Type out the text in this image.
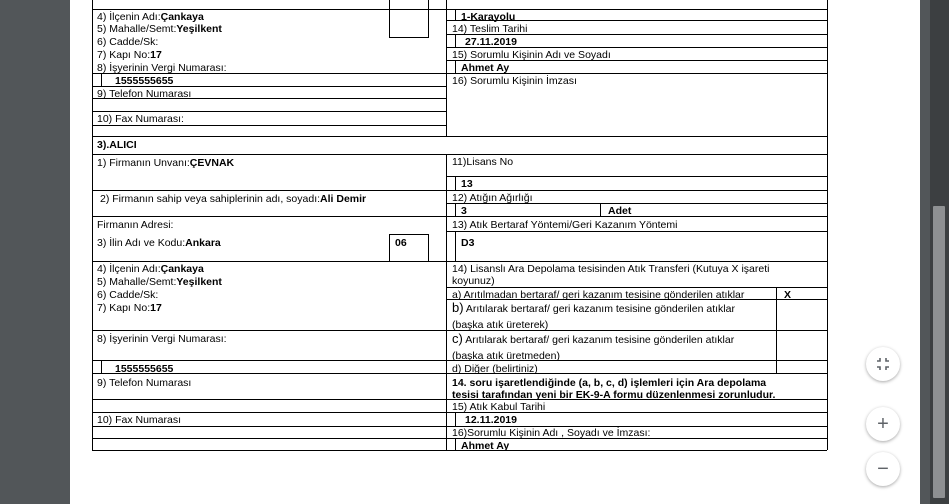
4) İlçenin Adı:Çankaya
5) Mahalle/Semt:Yeşilkent
6) Cadde/Sk:
7) Kapı No:17
8) İşyerinin Vergi Numarası:
1555555655
9) Telefon Numarası
10) Fax Numarası:
1-Karayolu
14) Teslim Tarihi
27.11.2019
15) Sorumlu Kişinin Adı ve Soyadı
Ahmet Ay
16) Sorumlu Kişinin İmzası
3).ALICI
06
1) Firmanın Unvanı:ÇEVNAK
2) Firmanın sahip veya sahiplerinin adı, soyadı:Ali Demir
Firmanın Adresi:
3) İlin Adı ve Kodu:Ankara
4) İlçenin Adı:Çankaya
5) Mahalle/Semt:Yeşilkent
6) Cadde/Sk:
7) Kapı No:17
8) İşyerinin Vergi Numarası:
1555555655
9) Telefon Numarası
10) Fax Numarası
11)Lisans No
13
12) Atığın Ağırlığı
3	Adet
13) Atık Bertaraf Yöntemi/Geri Kazanım Yöntemi
D3
14) Lisanslı Ara Depolama tesisinden Atık Transferi (Kutuya X işareti
koyunuz)
a) Arıtılmadan bertaraf/ geri kazanım tesisine gönderilen atıklar	X
b) Arıtılarak bertaraf/ geri kazanım tesisine gönderilen atıklar
(başka atık üreterek)
c) Arıtılarak bertaraf/ geri kazanım tesisine gönderilen atıklar
(başka atık üretmeden)
d) Diğer (belirtiniz)
14. soru işaretlendiğinde (a, b, c, d) işlemleri için Ara depolama
tesisi tarafından yeni bir EK-9-A formu düzenlenmesi zorunludur.
15) Atık Kabul Tarihi
12.11.2019
16)Sorumlu Kişinin Adı , Soyadı ve İmzası:
Ahmet Ay
+
−
